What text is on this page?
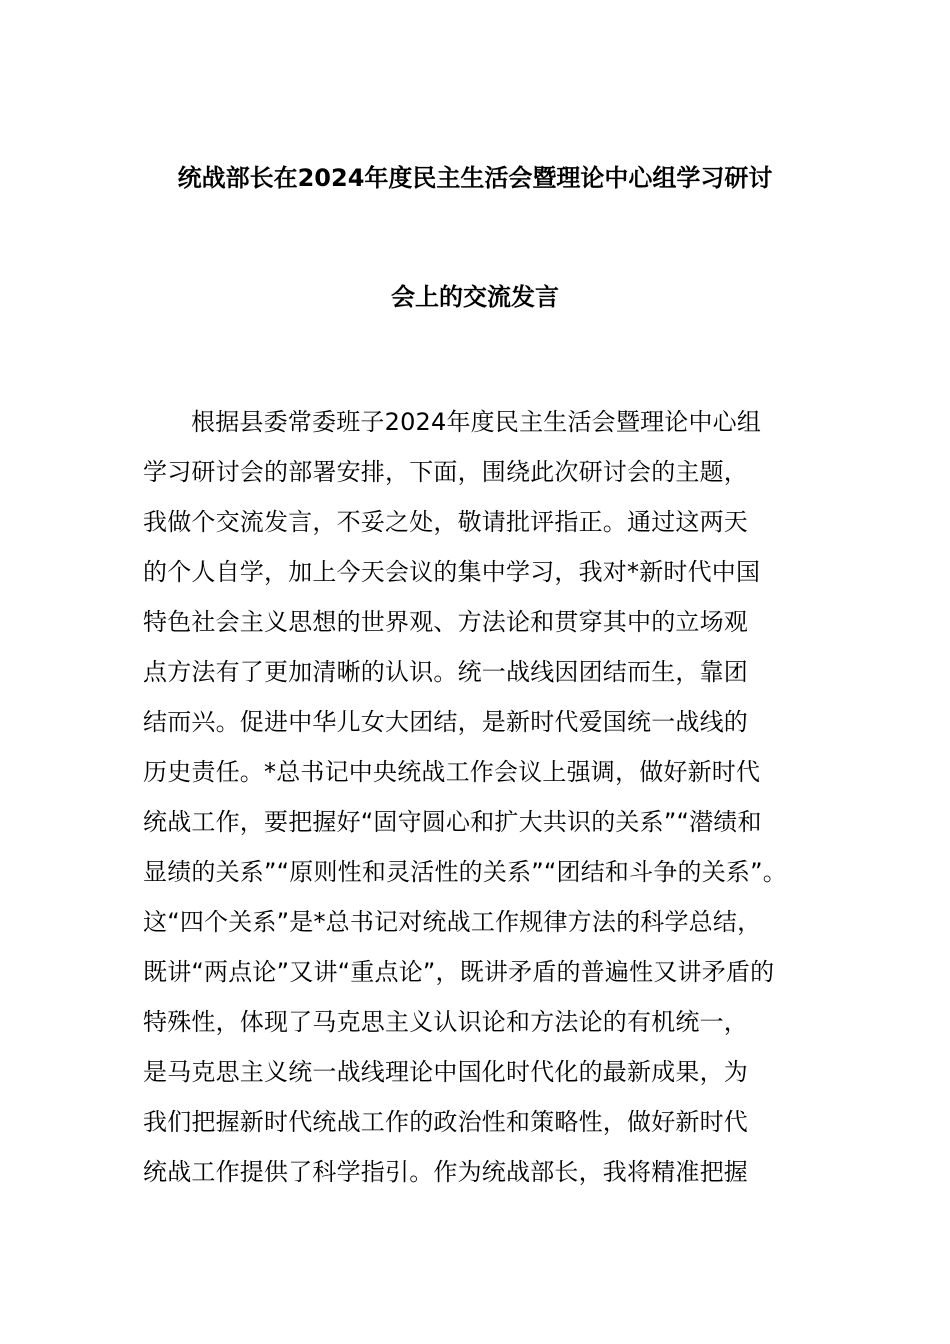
统战部长在2024年度民主生活会暨理论中心组学习研讨
会上的交流发言
根据县委常委班子2024年度民主生活会暨理论中心组
学习研讨会的部署安排，下面，围绕此次研讨会的主题，
我做个交流发言，不妥之处，敬请批评指正。通过这两天
的个人自学，加上今天会议的集中学习，我对*新时代中国
特色社会主义思想的世界观、方法论和贯穿其中的立场观
点方法有了更加清晰的认识。统一战线因团结而生，靠团
结而兴。促进中华儿女大团结，是新时代爱国统一战线的
历史责任。*总书记中央统战工作会议上强调，做好新时代
统战工作，要把握好“固守圆心和扩大共识的关系”“潜绩和
显绩的关系”“原则性和灵活性的关系”“团结和斗争的关系”。
这“四个关系”是*总书记对统战工作规律方法的科学总结，
既讲“两点论”又讲“重点论”，既讲矛盾的普遍性又讲矛盾的
特殊性，体现了马克思主义认识论和方法论的有机统一，
是马克思主义统一战线理论中国化时代化的最新成果，为
我们把握新时代统战工作的政治性和策略性，做好新时代
统战工作提供了科学指引。作为统战部长，我将精准把握
